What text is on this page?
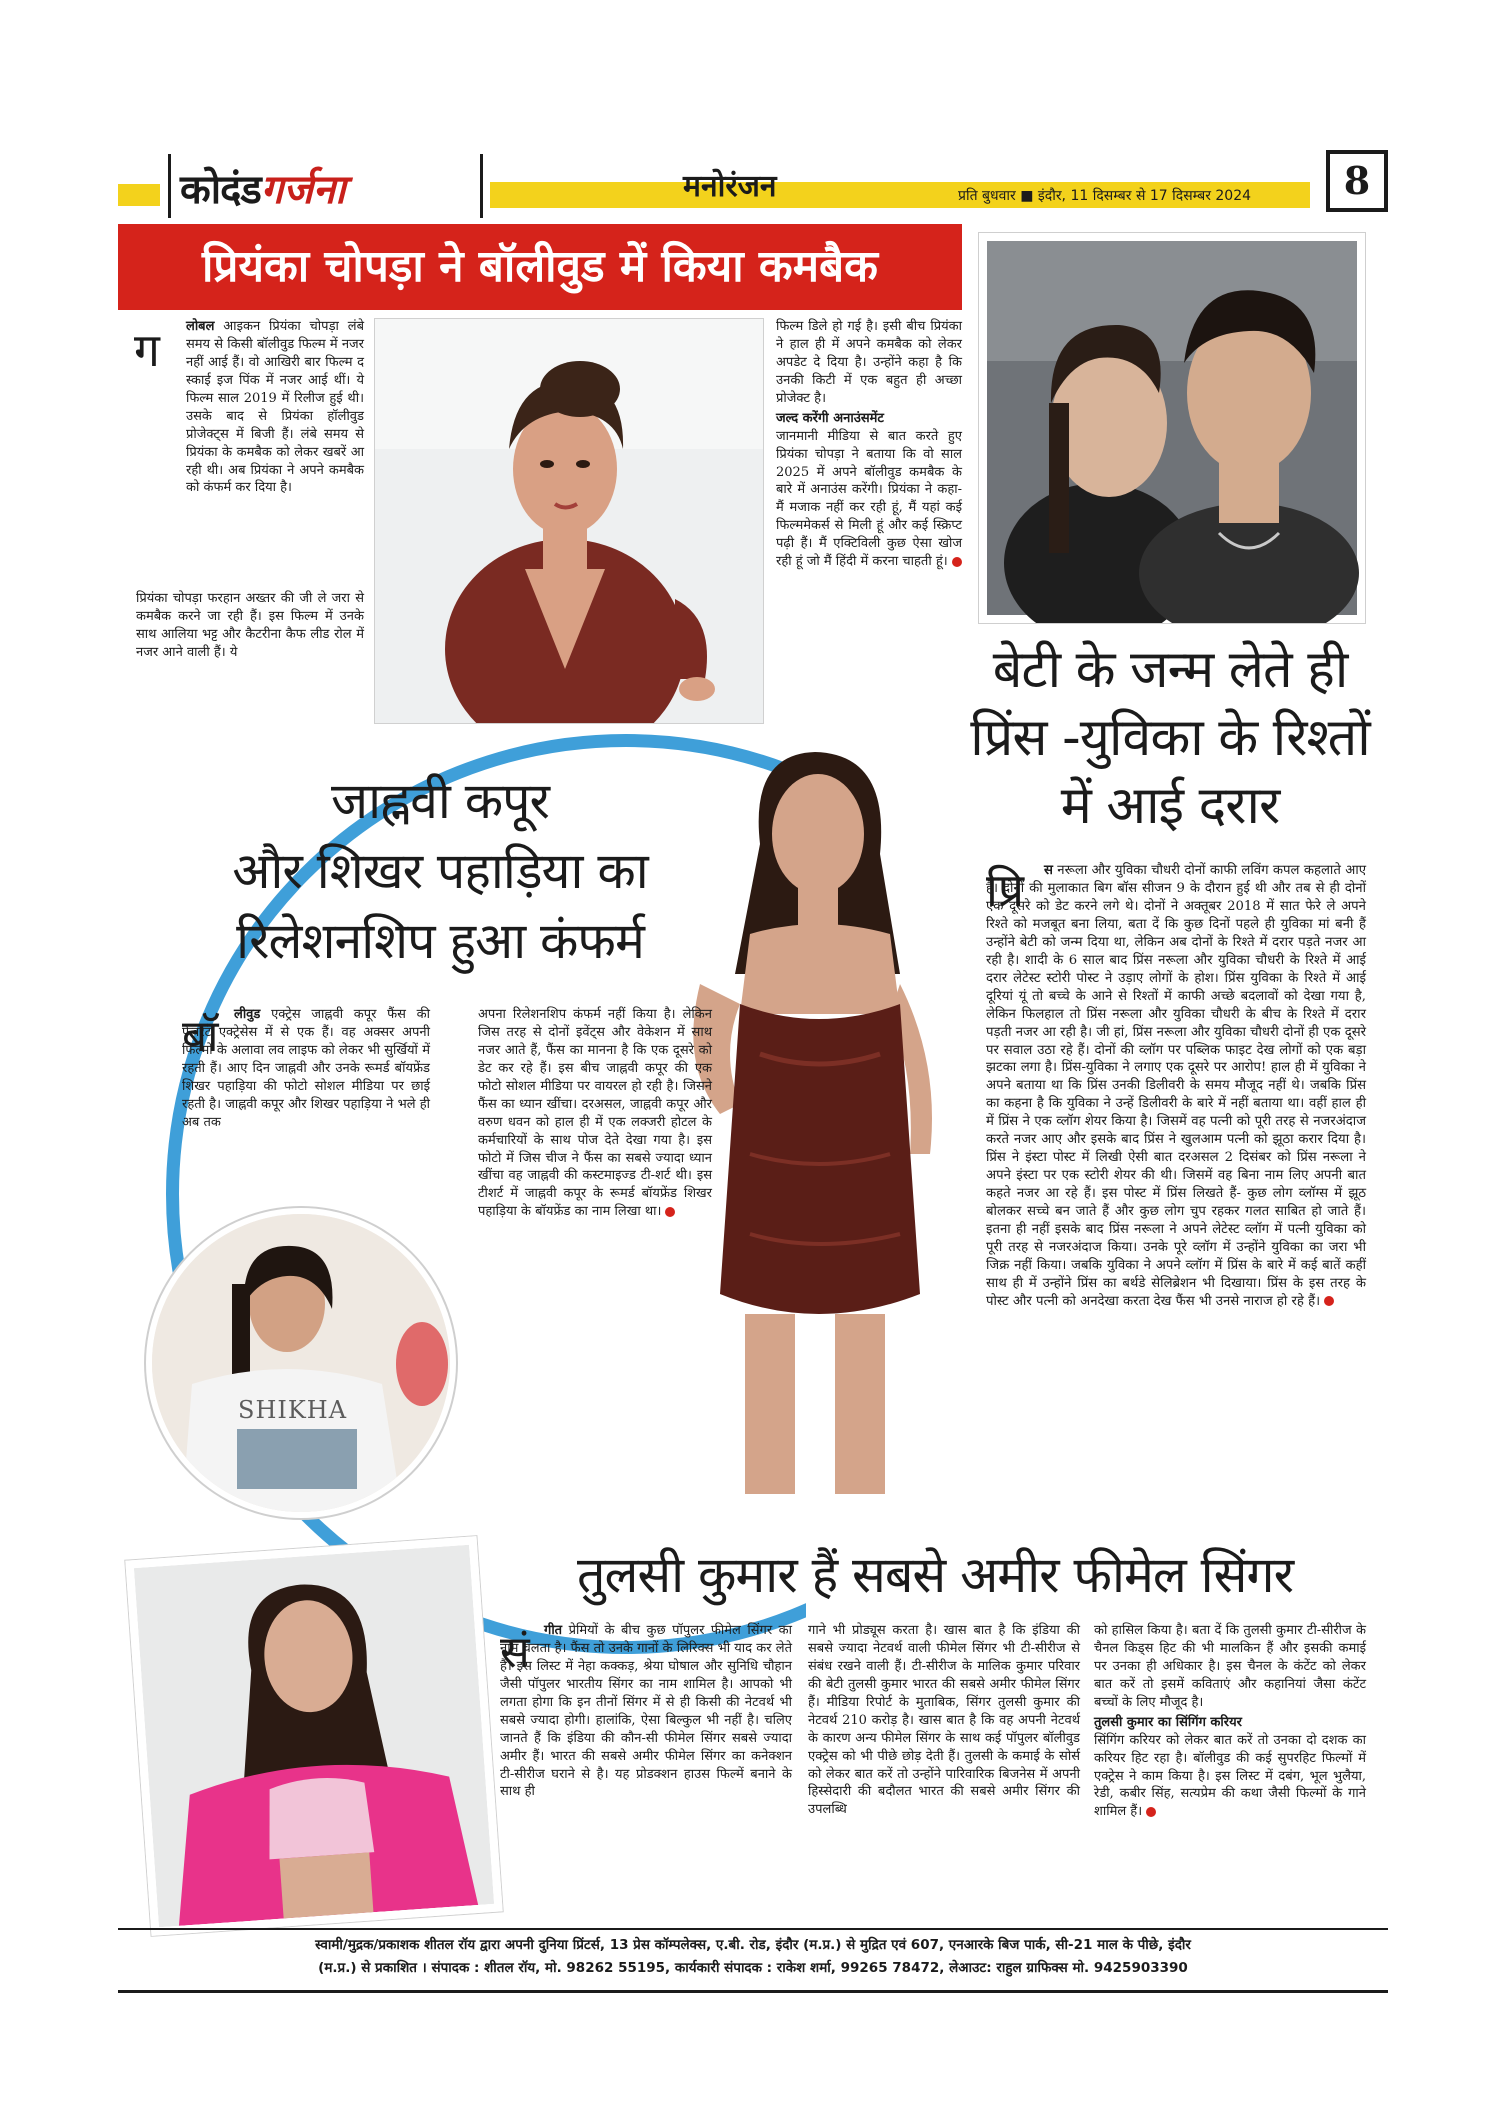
कोदंडगर्जना	मनोरंजन	प्रति बुधवार ■ इंदौर, 11 दिसम्बर से 17 दिसम्बर 2024	8
प्रियंका चोपड़ा ने बॉलीवुड में किया कमबैक
ग	लोबल आइकन प्रियंका चोपड़ा लंबे समय से किसी बॉलीवुड फिल्म में नजर नहीं आई हैं। वो आखिरी बार फिल्म द स्काई इज पिंक में नजर आई थीं। ये फिल्म साल 2019 में रिलीज हुई थी। उसके बाद से प्रियंका हॉलीवुड प्रोजेक्ट्स में बिजी हैं। लंबे समय से प्रियंका के कमबैक को लेकर खबरें आ रही थी। अब प्रियंका ने अपने कमबैक को कंफर्म कर दिया है।

प्रियंका चोपड़ा फरहान अख्तर की जी ले जरा से कमबैक करने जा रही हैं। इस फिल्म में उनके साथ आलिया भट्ट और कैटरीना कैफ लीड रोल में नजर आने वाली हैं। ये

फिल्म डिले हो गई है। इसी बीच प्रियंका ने हाल ही में अपने कमबैक को लेकर अपडेट दे दिया है। उन्होंने कहा है कि उनकी किटी में एक बहुत ही अच्छा प्रोजेक्ट है।

जल्द करेंगी अनाउंसमेंट

जानमानी मीडिया से बात करते हुए प्रियंका चोपड़ा ने बताया कि वो साल 2025 में अपने बॉलीवुड कमबैक के बारे में अनाउंस करेंगी। प्रियंका ने कहा- मैं मजाक नहीं कर रही हूं, मैं यहां कई फिल्ममेकर्स से मिली हूं और कई स्क्रिप्ट पढ़ी हैं। मैं एक्टिविली कुछ ऐसा खोज रही हूं जो मैं हिंदी में करना चाहती हूं।

बेटी के जन्म लेते ही
प्रिंस -युविका के रिश्तों
में आई दरार
प्रि	स नरूला और युविका चौधरी दोनों काफी लविंग कपल कहलाते आए हैं। दोनों की मुलाकात बिग बॉस सीजन 9 के दौरान हुई थी और तब से ही दोनों एक दूसरे को डेट करने लगे थे। दोनों ने अक्तूबर 2018 में सात फेरे ले अपने रिश्ते को मजबूत बना लिया, बता दें कि कुछ दिनों पहले ही युविका मां बनी हैं उन्होंने बेटी को जन्म दिया था, लेकिन अब दोनों के रिश्ते में दरार पड़ते नजर आ रही है। शादी के 6 साल बाद प्रिंस नरूला और युविका चौधरी के रिश्ते में आई दरार लेटेस्ट स्टोरी पोस्ट ने उड़ाए लोगों के होश। प्रिंस युविका के रिश्ते में आई दूरियां यूं तो बच्चे के आने से रिश्तों में काफी अच्छे बदलावों को देखा गया है, लेकिन फिलहाल तो प्रिंस नरूला और युविका चौधरी के बीच के रिश्ते में दरार पड़ती नजर आ रही है। जी हां, प्रिंस नरूला और युविका चौधरी दोनों ही एक दूसरे पर सवाल उठा रहे हैं। दोनों की व्लॉग पर पब्लिक फाइट देख लोगों को एक बड़ा झटका लगा है। प्रिंस-युविका ने लगाए एक दूसरे पर आरोप! हाल ही में युविका ने अपने बताया था कि प्रिंस उनकी डिलीवरी के समय मौजूद नहीं थे। जबकि प्रिंस का कहना है कि युविका ने उन्हें डिलीवरी के बारे में नहीं बताया था। वहीं हाल ही में प्रिंस ने एक व्लॉग शेयर किया है। जिसमें वह पत्नी को पूरी तरह से नजरअंदाज करते नजर आए और इसके बाद प्रिंस ने खुलआम पत्नी को झूठा करार दिया है। प्रिंस ने इंस्टा पोस्ट में लिखी ऐसी बात दरअसल 2 दिसंबर को प्रिंस नरूला ने अपने इंस्टा पर एक स्टोरी शेयर की थी। जिसमें वह बिना नाम लिए अपनी बात कहते नजर आ रहे हैं। इस पोस्ट में प्रिंस लिखते हैं- कुछ लोग व्लॉग्स में झूठ बोलकर सच्चे बन जाते हैं और कुछ लोग चुप रहकर गलत साबित हो जाते हैं। इतना ही नहीं इसके बाद प्रिंस नरूला ने अपने लेटेस्ट व्लॉग में पत्नी युविका को पूरी तरह से नजरअंदाज किया। उनके पूरे व्लॉग में उन्होंने युविका का जरा भी जिक्र नहीं किया। जबकि युविका ने अपने व्लॉग में प्रिंस के बारे में कई बातें कहीं साथ ही में उन्होंने प्रिंस का बर्थडे सेलिब्रेशन भी दिखाया। प्रिंस के इस तरह के पोस्ट और पत्नी को अनदेखा करता देख फैंस भी उनसे नाराज हो रहे हैं।

जाह्नवी कपूर
और शिखर पहाड़िया का
रिलेशनशिप हुआ कंफर्म
बॉ	लीवुड एक्ट्रेस जाह्नवी कपूर फैंस की फेवरेट एक्ट्रेसेस में से एक हैं। वह अक्सर अपनी फिल्मों के अलावा लव लाइफ को लेकर भी सुर्खियों में रहती हैं। आए दिन जाह्नवी और उनके रूमर्ड बॉयफ्रेंड शिखर पहाड़िया की फोटो सोशल मीडिया पर छाई रहती है। जाह्नवी कपूर और शिखर पहाड़िया ने भले ही अब तक

अपना रिलेशनशिप कंफर्म नहीं किया है। लेकिन जिस तरह से दोनों इवेंट्स और वेकेशन में साथ नजर आते हैं, फैंस का मानना है कि एक दूसरे को डेट कर रहे हैं। इस बीच जाह्नवी कपूर की एक फोटो सोशल मीडिया पर वायरल हो रही है। जिसने फैंस का ध्यान खींचा। दरअसल, जाह्नवी कपूर और वरुण धवन को हाल ही में एक लक्जरी होटल के कर्मचारियों के साथ पोज देते देखा गया है। इस फोटो में जिस चीज ने फैंस का सबसे ज्यादा ध्यान खींचा वह जाह्नवी की कस्टमाइज्ड टी-शर्ट थी। इस टीशर्ट में जाह्नवी कपूर के रूमर्ड बॉयफ्रेंड शिखर पहाड़िया के बॉयफ्रेंड का नाम लिखा था।

SHIKHA
तुलसी कुमार हैं सबसे अमीर फीमेल सिंगर
सं	गीत प्रेमियों के बीच कुछ पॉपुलर फीमेल सिंगर का नाम चलता है। फैंस तो उनके गानों के लिरिक्स भी याद कर लेते हैं। इस लिस्ट में नेहा कक्कड़, श्रेया घोषाल और सुनिधि चौहान जैसी पॉपुलर भारतीय सिंगर का नाम शामिल है। आपको भी लगता होगा कि इन तीनों सिंगर में से ही किसी की नेटवर्थ भी सबसे ज्यादा होगी। हालांकि, ऐसा बिल्कुल भी नहीं है। चलिए जानते हैं कि इंडिया की कौन-सी फीमेल सिंगर सबसे ज्यादा अमीर हैं। भारत की सबसे अमीर फीमेल सिंगर का कनेक्शन टी-सीरीज घराने से है। यह प्रोडक्शन हाउस फिल्में बनाने के साथ ही

गाने भी प्रोड्यूस करता है। खास बात है कि इंडिया की सबसे ज्यादा नेटवर्थ वाली फीमेल सिंगर भी टी-सीरीज से संबंध रखने वाली हैं। टी-सीरीज के मालिक कुमार परिवार की बेटी तुलसी कुमार भारत की सबसे अमीर फीमेल सिंगर हैं। मीडिया रिपोर्ट के मुताबिक, सिंगर तुलसी कुमार की नेटवर्थ 210 करोड़ है। खास बात है कि वह अपनी नेटवर्थ के कारण अन्य फीमेल सिंगर के साथ कई पॉपुलर बॉलीवुड एक्ट्रेस को भी पीछे छोड़ देती हैं। तुलसी के कमाई के सोर्स को लेकर बात करें तो उन्होंने पारिवारिक बिजनेस में अपनी हिस्सेदारी की बदौलत भारत की सबसे अमीर सिंगर की उपलब्धि

को हासिल किया है। बता दें कि तुलसी कुमार टी-सीरीज के चैनल किड्स हिट की भी मालकिन हैं और इसकी कमाई पर उनका ही अधिकार है। इस चैनल के कंटेंट को लेकर बात करें तो इसमें कविताएं और कहानियां जैसा कंटेंट बच्चों के लिए मौजूद है।

तुलसी कुमार का सिंगिंग करियर

सिंगिंग करियर को लेकर बात करें तो उनका दो दशक का करियर हिट रहा है। बॉलीवुड की कई सुपरहिट फिल्मों में एक्ट्रेस ने काम किया है। इस लिस्ट में दबंग, भूल भुलैया, रेडी, कबीर सिंह, सत्यप्रेम की कथा जैसी फिल्मों के गाने शामिल हैं।

स्वामी/मुद्रक/प्रकाशक शीतल रॉय द्वारा अपनी दुनिया प्रिंटर्स, 13 प्रेस कॉम्पलेक्स, ए.बी. रोड, इंदौर (म.प्र.) से मुद्रित एवं 607, एनआरके बिज पार्क, सी-21 माल के पीछे, इंदौर
(म.प्र.) से प्रकाशित । संपादक : शीतल रॉय, मो. 98262 55195, कार्यकारी संपादक : राकेश शर्मा, 99265 78472, लेआउट: राहुल ग्राफिक्स मो. 9425903390
